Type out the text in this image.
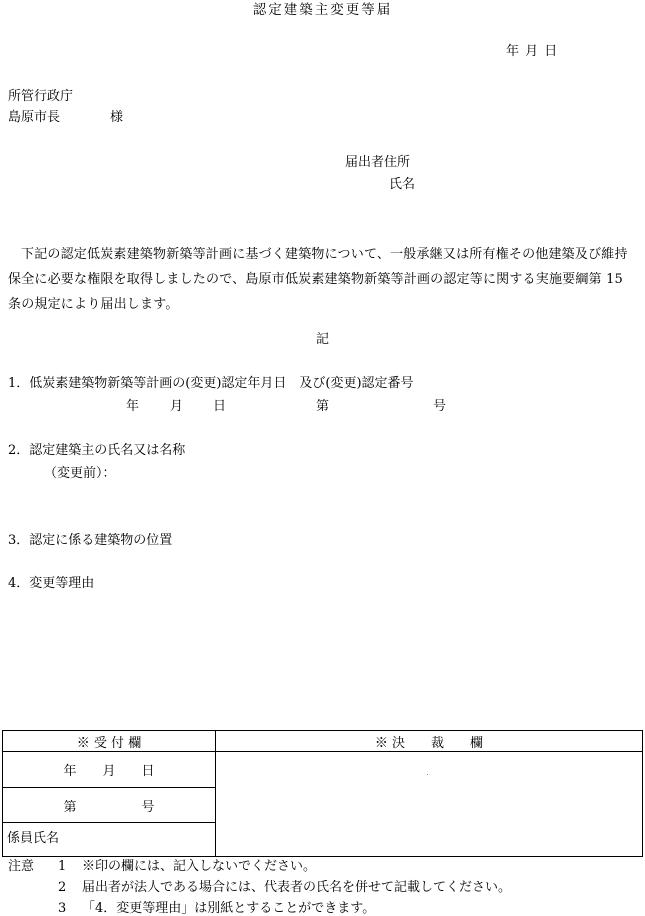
認定建築主変更等届
年 月 日
所管行政庁
島原市長	様
届出者住所
氏名
下記の認定低炭素建築物新築等計画に基づく建築物について、一般承継又は所有権その他建築及び維持保全に必要な権限を取得しましたので、島原市低炭素建築物新築等計画の認定等に関する実施要綱第 15 条の規定により届出します。
記
1．低炭素建築物新築等計画の(変更)認定年月日　及び(変更)認定番号
年 月 日	第	号
2．認定建築主の氏名又は名称
（変更前）：
3．認定に係る建築物の位置
4．変更等理由
※ 受 付 欄	※ 決　　裁　　欄
年　　月　　日	
第　　　　　号	
係員氏名	
注意 1 ※印の欄には、記入しないでください。
2 届出者が法人である場合には、代表者の氏名を併せて記載してください。
3 「4．変更等理由」は別紙とすることができます。
